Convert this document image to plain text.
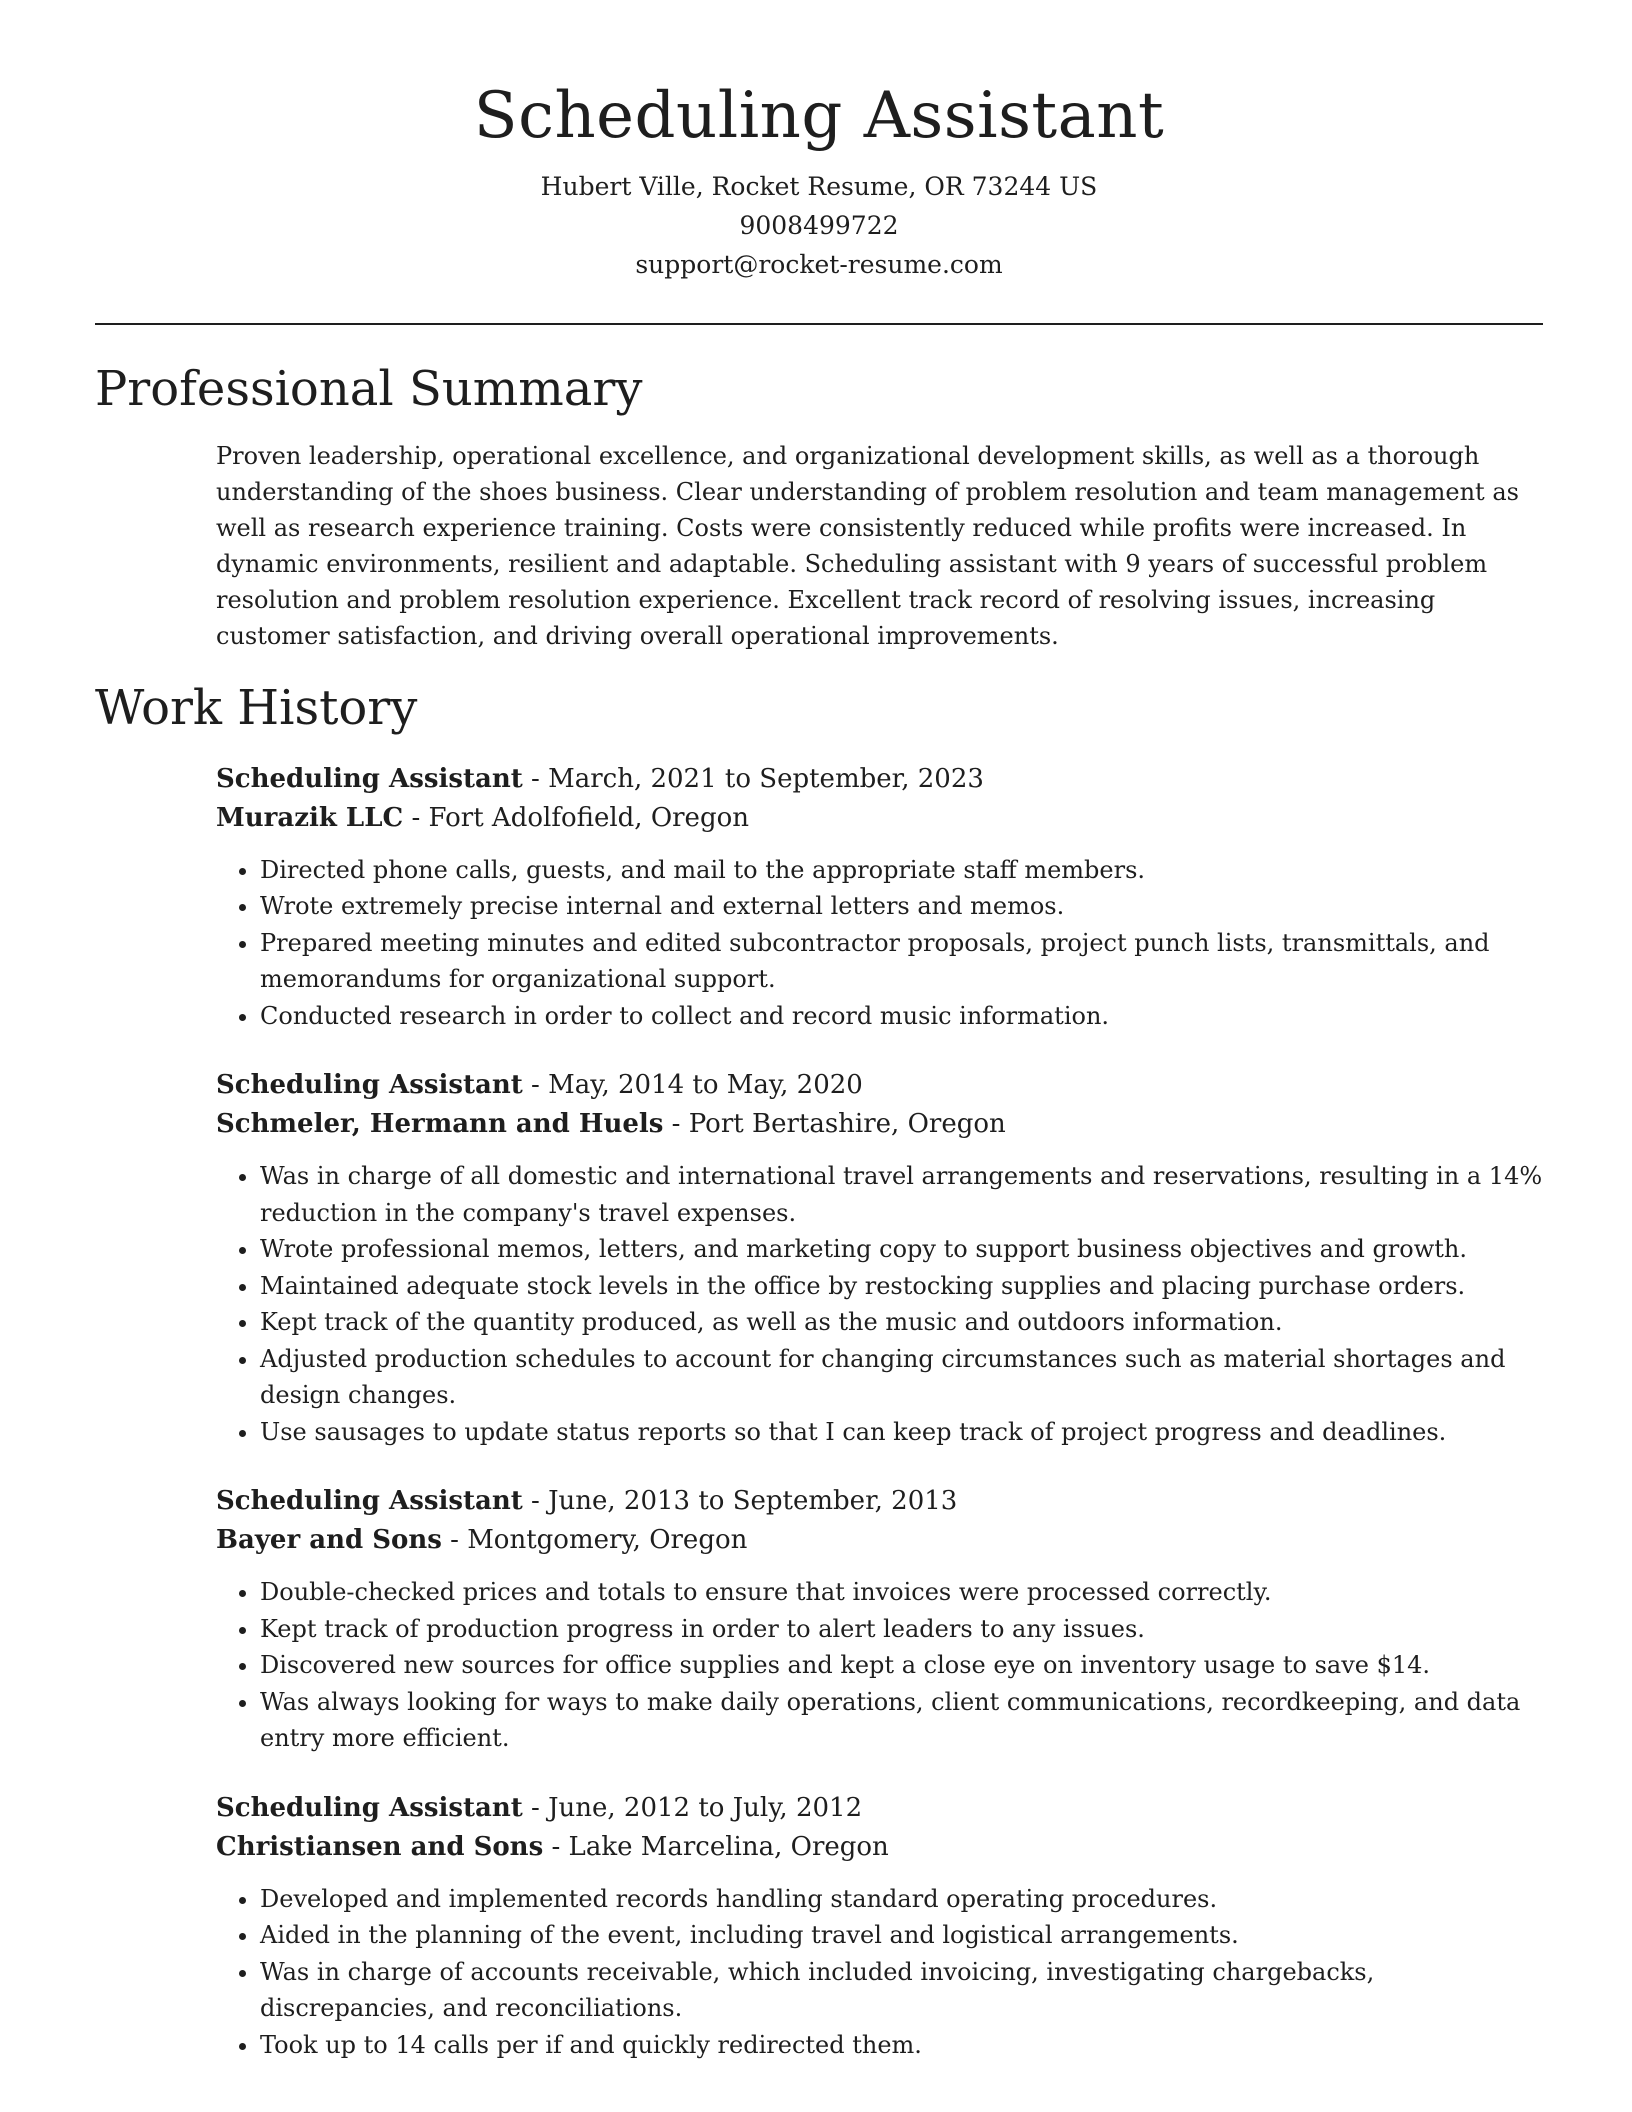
Scheduling Assistant
Hubert Ville, Rocket Resume, OR 73244 US
9008499722
support@rocket-resume.com
Professional Summary

Proven leadership, operational excellence, and organizational development skills, as well as a thorough understanding of the shoes business. Clear understanding of problem resolution and team management as well as research experience training. Costs were consistently reduced while profits were increased. In dynamic environments, resilient and adaptable. Scheduling assistant with 9 years of successful problem resolution and problem resolution experience. Excellent track record of resolving issues, increasing customer satisfaction, and driving overall operational improvements.

Work History
Scheduling Assistant - March, 2021 to September, 2023
Murazik LLC - Fort Adolfofield, Oregon
• Directed phone calls, guests, and mail to the appropriate staff members.
• Wrote extremely precise internal and external letters and memos.
• Prepared meeting minutes and edited subcontractor proposals, project punch lists, transmittals, and memorandums for organizational support.
• Conducted research in order to collect and record music information.
Scheduling Assistant - May, 2014 to May, 2020
Schmeler, Hermann and Huels - Port Bertashire, Oregon
• Was in charge of all domestic and international travel arrangements and reservations, resulting in a 14% reduction in the company's travel expenses.
• Wrote professional memos, letters, and marketing copy to support business objectives and growth.
• Maintained adequate stock levels in the office by restocking supplies and placing purchase orders.
• Kept track of the quantity produced, as well as the music and outdoors information.
• Adjusted production schedules to account for changing circumstances such as material shortages and design changes.
• Use sausages to update status reports so that I can keep track of project progress and deadlines.
Scheduling Assistant - June, 2013 to September, 2013
Bayer and Sons - Montgomery, Oregon
• Double-checked prices and totals to ensure that invoices were processed correctly.
• Kept track of production progress in order to alert leaders to any issues.
• Discovered new sources for office supplies and kept a close eye on inventory usage to save $14.
• Was always looking for ways to make daily operations, client communications, recordkeeping, and data entry more efficient.
Scheduling Assistant - June, 2012 to July, 2012
Christiansen and Sons - Lake Marcelina, Oregon
• Developed and implemented records handling standard operating procedures.
• Aided in the planning of the event, including travel and logistical arrangements.
• Was in charge of accounts receivable, which included invoicing, investigating chargebacks, discrepancies, and reconciliations.
• Took up to 14 calls per if and quickly redirected them.
